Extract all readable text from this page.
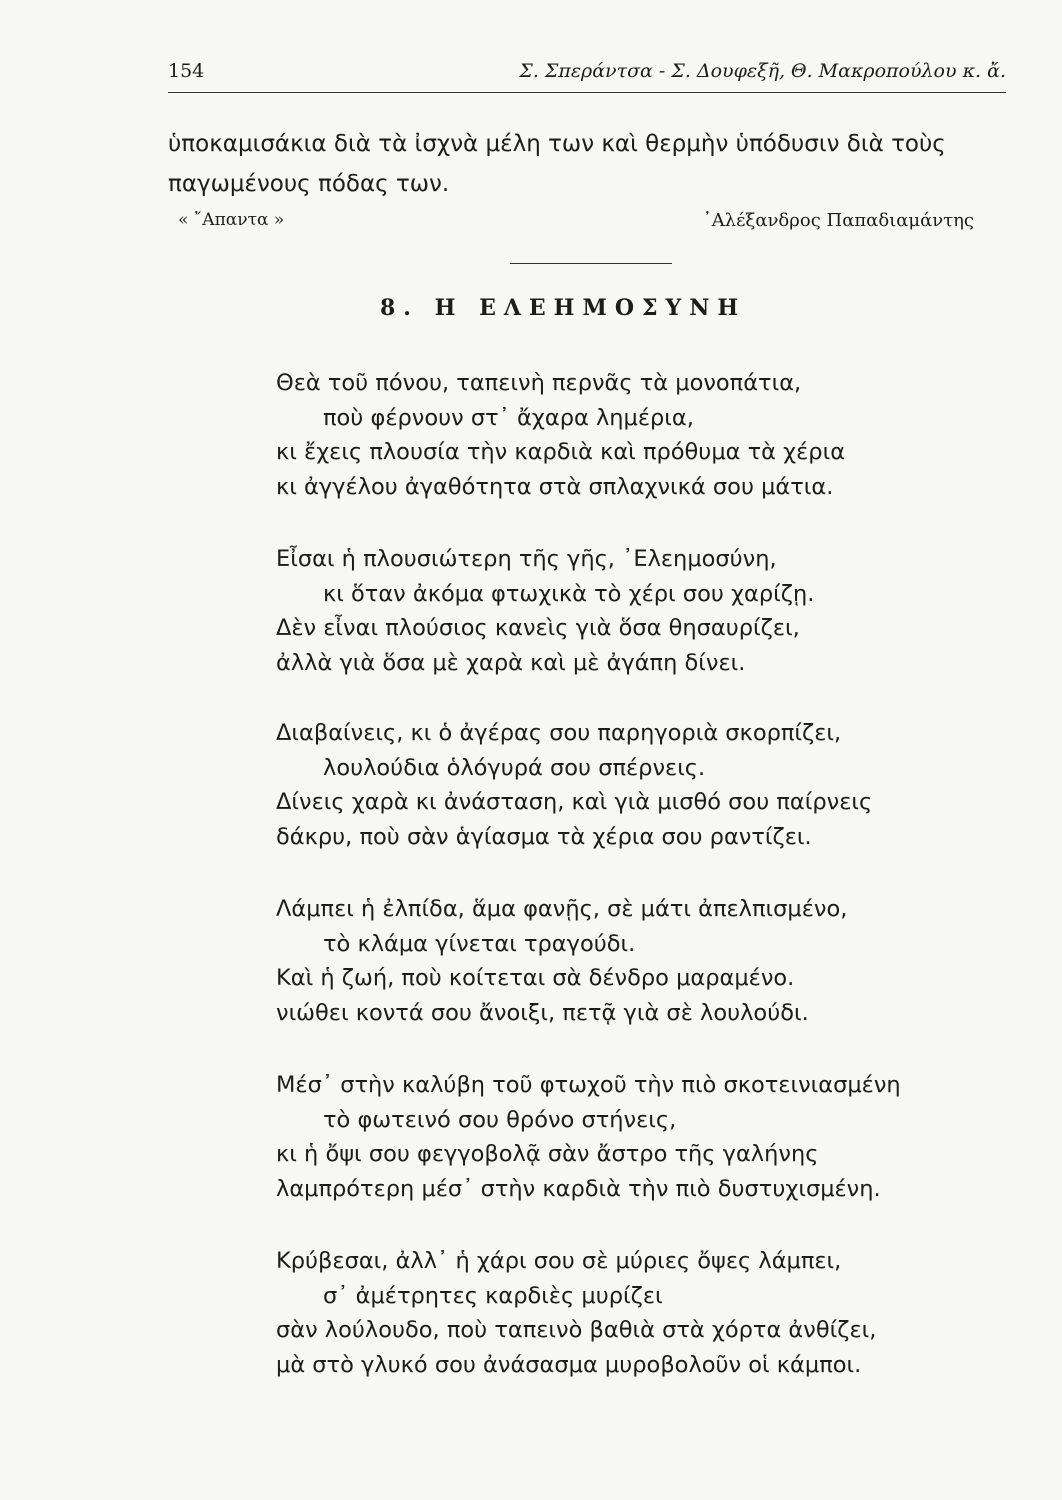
154	Σ. Σπεράντσα - Σ. Δουφεξῆ, Θ. Μακροπούλου κ. ἄ.
ὑποκαμισάκια διὰ τὰ ἰσχνὰ μέλη των καὶ θερμὴν ὑπόδυσιν διὰ τοὺς
παγωμένους πόδας των.
« ῎Απαντα »	᾿Αλέξανδρος Παπαδιαμάντης
8. Η ΕΛΕΗΜΟΣΥΝΗ
Θεὰ τοῦ πόνου, ταπεινὴ περνᾶς τὰ μονοπάτια,
ποὺ φέρνουν στ᾿ ἄχαρα λημέρια,
κι ἔχεις πλουσία τὴν καρδιὰ καὶ πρόθυμα τὰ χέρια
κι ἀγγέλου ἀγαθότητα στὰ σπλαχνικά σου μάτια.
Εἶσαι ἡ πλουσιώτερη τῆς γῆς, ᾿Ελεημοσύνη,
κι ὅταν ἀκόμα φτωχικὰ τὸ χέρι σου χαρίζῃ.
Δὲν εἶναι πλούσιος κανεὶς γιὰ ὅσα θησαυρίζει,
ἀλλὰ γιὰ ὅσα μὲ χαρὰ καὶ μὲ ἀγάπη δίνει.
Διαβαίνεις, κι ὁ ἀγέρας σου παρηγοριὰ σκορπίζει,
λουλούδια ὁλόγυρά σου σπέρνεις.
Δίνεις χαρὰ κι ἀνάσταση, καὶ γιὰ μισθό σου παίρνεις
δάκρυ, ποὺ σὰν ἁγίασμα τὰ χέρια σου ραντίζει.
Λάμπει ἡ ἐλπίδα, ἅμα φανῇς, σὲ μάτι ἀπελπισμένο,
τὸ κλάμα γίνεται τραγούδι.
Καὶ ἡ ζωή, ποὺ κοίτεται σὰ δένδρο μαραμένο.
νιώθει κοντά σου ἄνοιξι, πετᾷ γιὰ σὲ λουλούδι.
Μέσ᾿ στὴν καλύβη τοῦ φτωχοῦ τὴν πιὸ σκοτεινιασμένη
τὸ φωτεινό σου θρόνο στήνεις,
κι ἡ ὄψι σου φεγγοβολᾷ σὰν ἄστρο τῆς γαλήνης
λαμπρότερη μέσ᾿ στὴν καρδιὰ τὴν πιὸ δυστυχισμένη.
Κρύβεσαι, ἀλλ᾿ ἡ χάρι σου σὲ μύριες ὄψες λάμπει,
σ᾿ ἀμέτρητες καρδιὲς μυρίζει
σὰν λούλουδο, ποὺ ταπεινὸ βαθιὰ στὰ χόρτα ἀνθίζει,
μὰ στὸ γλυκό σου ἀνάσασμα μυροβολοῦν οἱ κάμποι.
